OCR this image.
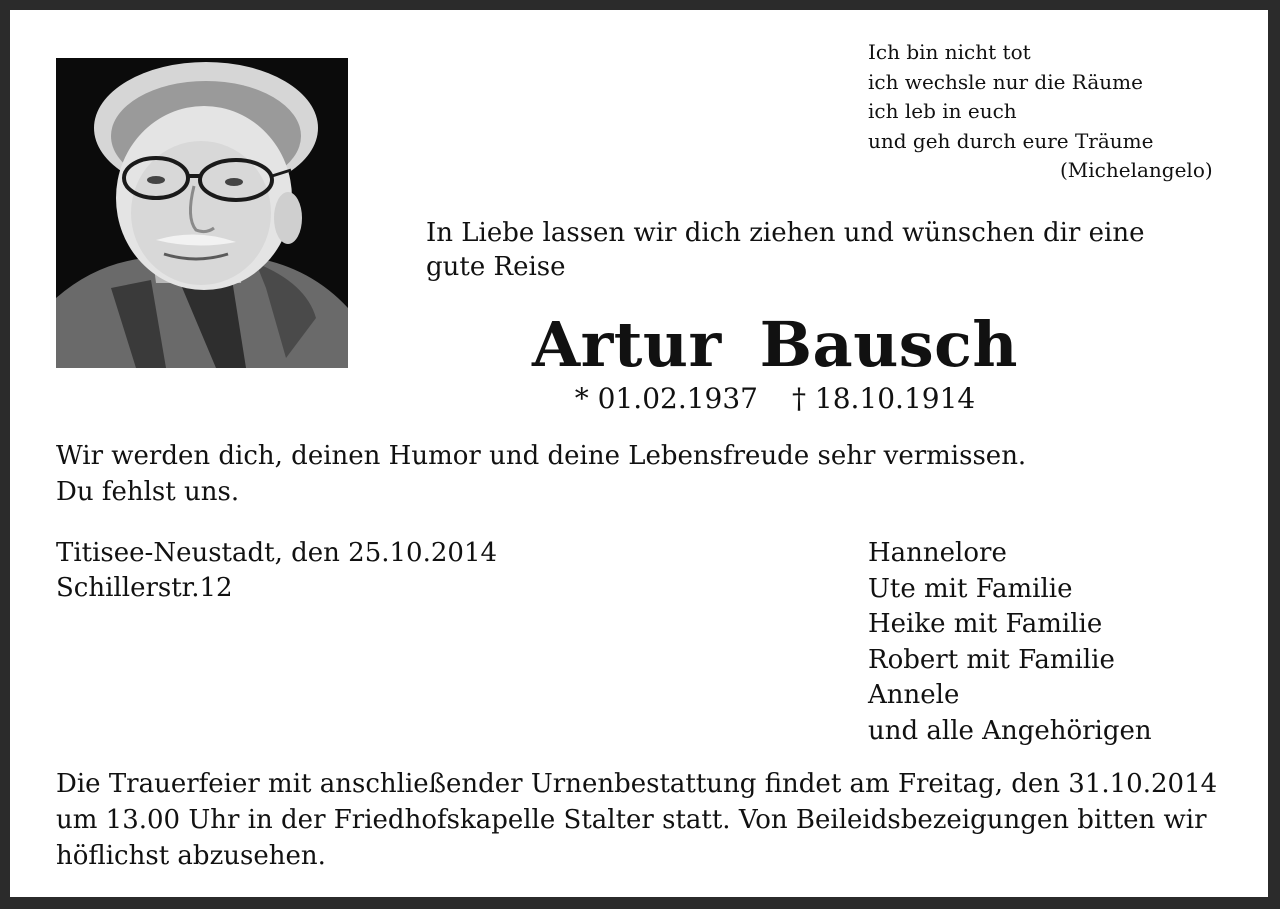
Ich bin nicht tot
ich wechsle nur die Räume
ich leb in euch
und geh durch eure Träume
(Michelangelo)
In Liebe lassen wir dich ziehen und wünschen dir eine
gute Reise
Artur Bausch
* 01.02.1937 † 18.10.1914
Wir werden dich, deinen Humor und deine Lebensfreude sehr vermissen.
Du fehlst uns.
Titisee-Neustadt, den 25.10.2014
Schillerstr.12
Hannelore
Ute mit Familie
Heike mit Familie
Robert mit Familie
Annele
und alle Angehörigen
Die Trauerfeier mit anschließender Urnenbestattung findet am Freitag, den 31.10.2014
um 13.00 Uhr in der Friedhofskapelle Stalter statt. Von Beileidsbezeigungen bitten wir
höflichst abzusehen.
